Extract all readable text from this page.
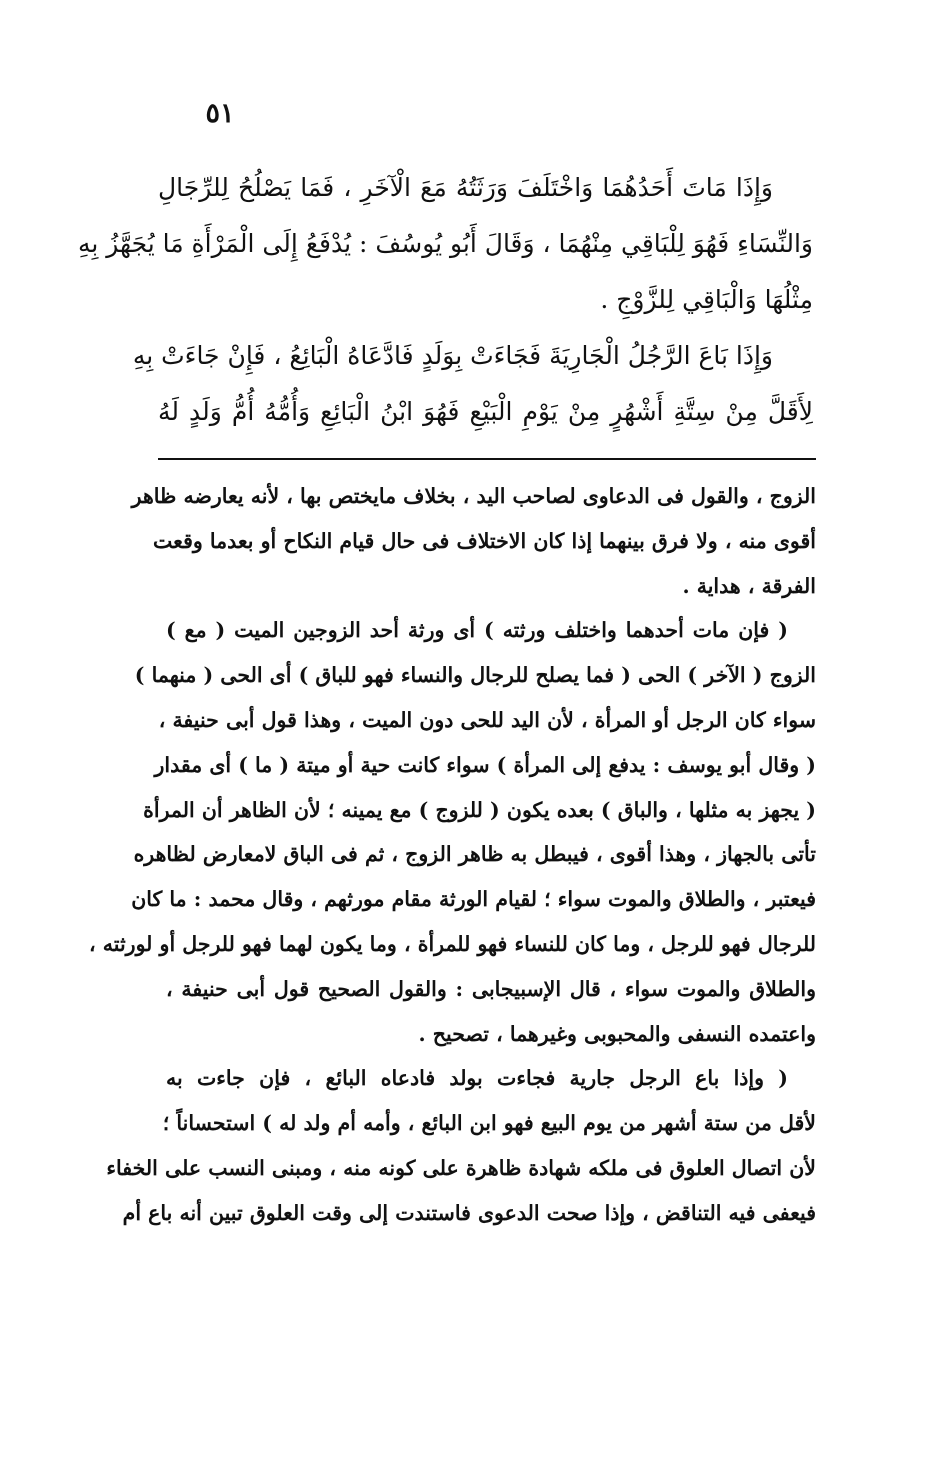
٥١
وَإِذَا مَاتَ أَحَدُهُمَا وَاخْتَلَفَ وَرَثَتُهُ مَعَ الْآخَرِ ، فَمَا يَصْلُحُ لِلرِّجَالِ
وَالنِّسَاءِ فَهُوَ لِلْبَاقِي مِنْهُمَا ، وَقَالَ أَبُو يُوسُفَ : يُدْفَعُ إِلَى الْمَرْأَةِ مَا يُجَهَّزُ بِهِ
مِثْلُهَا وَالْبَاقِي لِلزَّوْجِ .
وَإِذَا بَاعَ الرَّجُلُ الْجَارِيَةَ فَجَاءَتْ بِوَلَدٍ فَادَّعَاهُ الْبَائِعُ ، فَإِنْ جَاءَتْ بِهِ
لِأَقَلَّ مِنْ سِتَّةِ أَشْهُرٍ مِنْ يَوْمِ الْبَيْعِ فَهُوَ ابْنُ الْبَائِعِ وَأُمُّهُ أُمُّ وَلَدٍ لَهُ
الزوج ، والقول فى الدعاوى لصاحب اليد ، بخلاف مايختص بها ، لأنه يعارضه ظاهر
أقوى منه ، ولا فرق بينهما إذا كان الاختلاف فى حال قيام النكاح أو بعدما وقعت
الفرقة ، هداية .
( فإن مات أحدهما واختلف ورثته ) أى ورثة أحد الزوجين الميت ( مع )
الزوج ( الآخر ) الحى ( فما يصلح للرجال والنساء فهو للباق ) أى الحى ( منهما )
سواء كان الرجل أو المرأة ، لأن اليد للحى دون الميت ، وهذا قول أبى حنيفة ،
( وقال أبو يوسف : يدفع إلى المرأة ) سواء كانت حية أو ميتة ( ما ) أى مقدار
( يجهز به مثلها ، والباق ) بعده يكون ( للزوج ) مع يمينه ؛ لأن الظاهر أن المرأة
تأتى بالجهاز ، وهذا أقوى ، فيبطل به ظاهر الزوج ، ثم فى الباق لامعارض لظاهره
فيعتبر ، والطلاق والموت سواء ؛ لقيام الورثة مقام مورثهم ، وقال محمد : ما كان
للرجال فهو للرجل ، وما كان للنساء فهو للمرأة ، وما يكون لهما فهو للرجل أو لورثته ،
والطلاق والموت سواء ، قال الإسبيجابى : والقول الصحيح قول أبى حنيفة ،
واعتمده النسفى والمحبوبى وغيرهما ، تصحيح .
( وإذا باع الرجل جارية فجاءت بولد فادعاه البائع ، فإن جاءت به
لأقل من ستة أشهر من يوم البيع فهو ابن البائع ، وأمه أم ولد له ) استحساناً ؛
لأن اتصال العلوق فى ملكه شهادة ظاهرة على كونه منه ، ومبنى النسب على الخفاء
فيعفى فيه التناقض ، وإذا صحت الدعوى فاستندت إلى وقت العلوق تبين أنه باع أم
